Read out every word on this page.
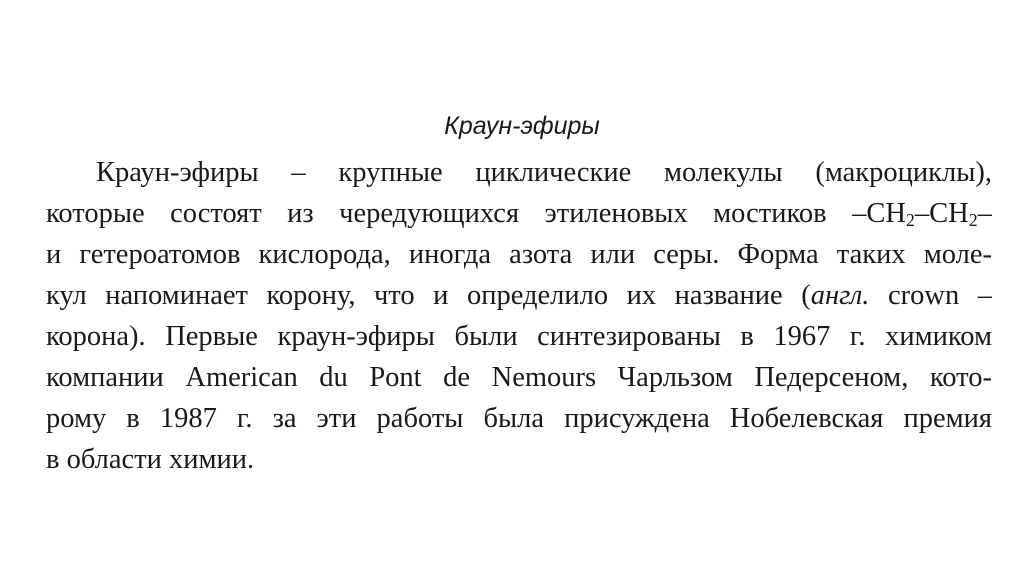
Краун-эфиры
Краун-эфиры – крупные циклические молекулы (макроциклы),
которые состоят из чередующихся этиленовых мостиков $-CH_2-CH_2-$
и гетероатомов кислорода, иногда азота или серы. Форма таких моле-
кул напоминает корону, что и определило их название (англ. crown –
корона). Первые краун-эфиры были синтезированы в 1967 г. химиком
компании American du Pont de Nemours Чарльзом Педерсеном, кото-
рому в 1987 г. за эти работы была присуждена Нобелевская премия
в области химии.
